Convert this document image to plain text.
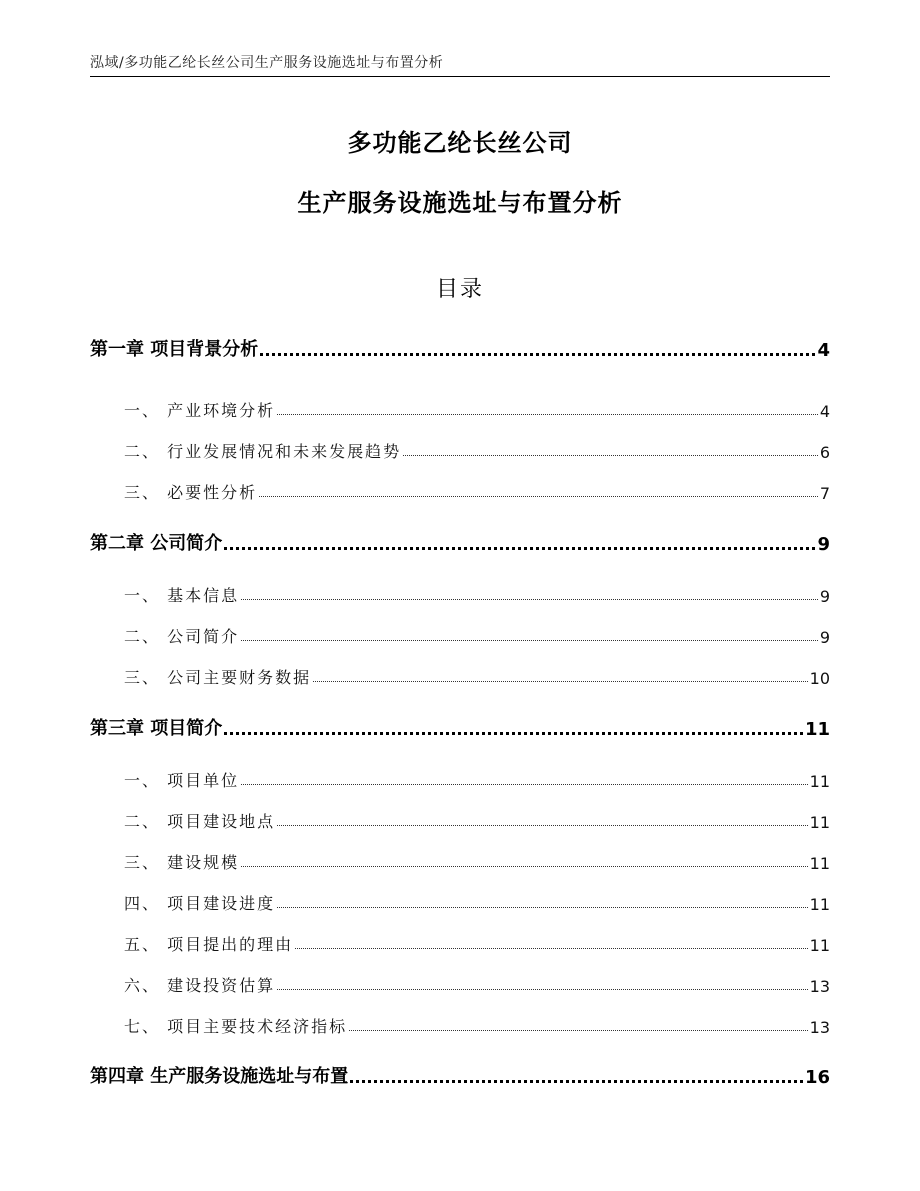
泓域/多功能乙纶长丝公司生产服务设施选址与布置分析
多功能乙纶长丝公司
生产服务设施选址与布置分析
目录
第一章 项目背景分析	4
一、 产业环境分析	4
二、 行业发展情况和未来发展趋势	6
三、 必要性分析	7
第二章 公司简介	9
一、 基本信息	9
二、 公司简介	9
三、 公司主要财务数据	10
第三章 项目简介	11
一、 项目单位	11
二、 项目建设地点	11
三、 建设规模	11
四、 项目建设进度	11
五、 项目提出的理由	11
六、 建设投资估算	13
七、 项目主要技术经济指标	13
第四章 生产服务设施选址与布置	16
